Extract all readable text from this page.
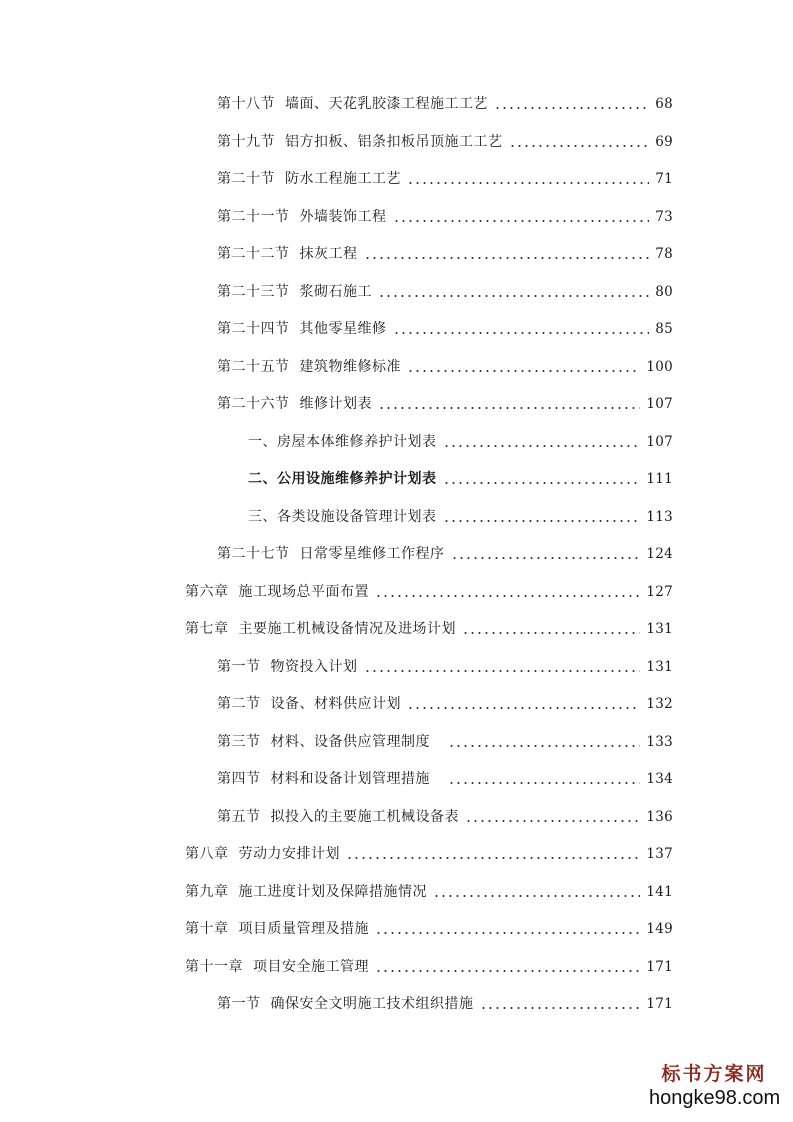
第十八节 墙面、天花乳胶漆工程施工工艺	68
第十九节 铝方扣板、铝条扣板吊顶施工工艺	69
第二十节 防水工程施工工艺	71
第二十一节 外墙装饰工程	73
第二十二节 抹灰工程	78
第二十三节 浆砌石施工	80
第二十四节 其他零星维修	85
第二十五节 建筑物维修标准	100
第二十六节 维修计划表	107
一、房屋本体维修养护计划表	107
二、公用设施维修养护计划表	111
三、各类设施设备管理计划表	113
第二十七节 日常零星维修工作程序	124
第六章 施工现场总平面布置	127
第七章 主要施工机械设备情况及进场计划	131
第一节 物资投入计划	131
第二节 设备、材料供应计划	132
第三节 材料、设备供应管理制度	133
第四节 材料和设备计划管理措施	134
第五节 拟投入的主要施工机械设备表	136
第八章 劳动力安排计划	137
第九章 施工进度计划及保障措施情况	141
第十章 项目质量管理及措施	149
第十一章 项目安全施工管理	171
第一节 确保安全文明施工技术组织措施	171
标书方案网
hongke98.com
